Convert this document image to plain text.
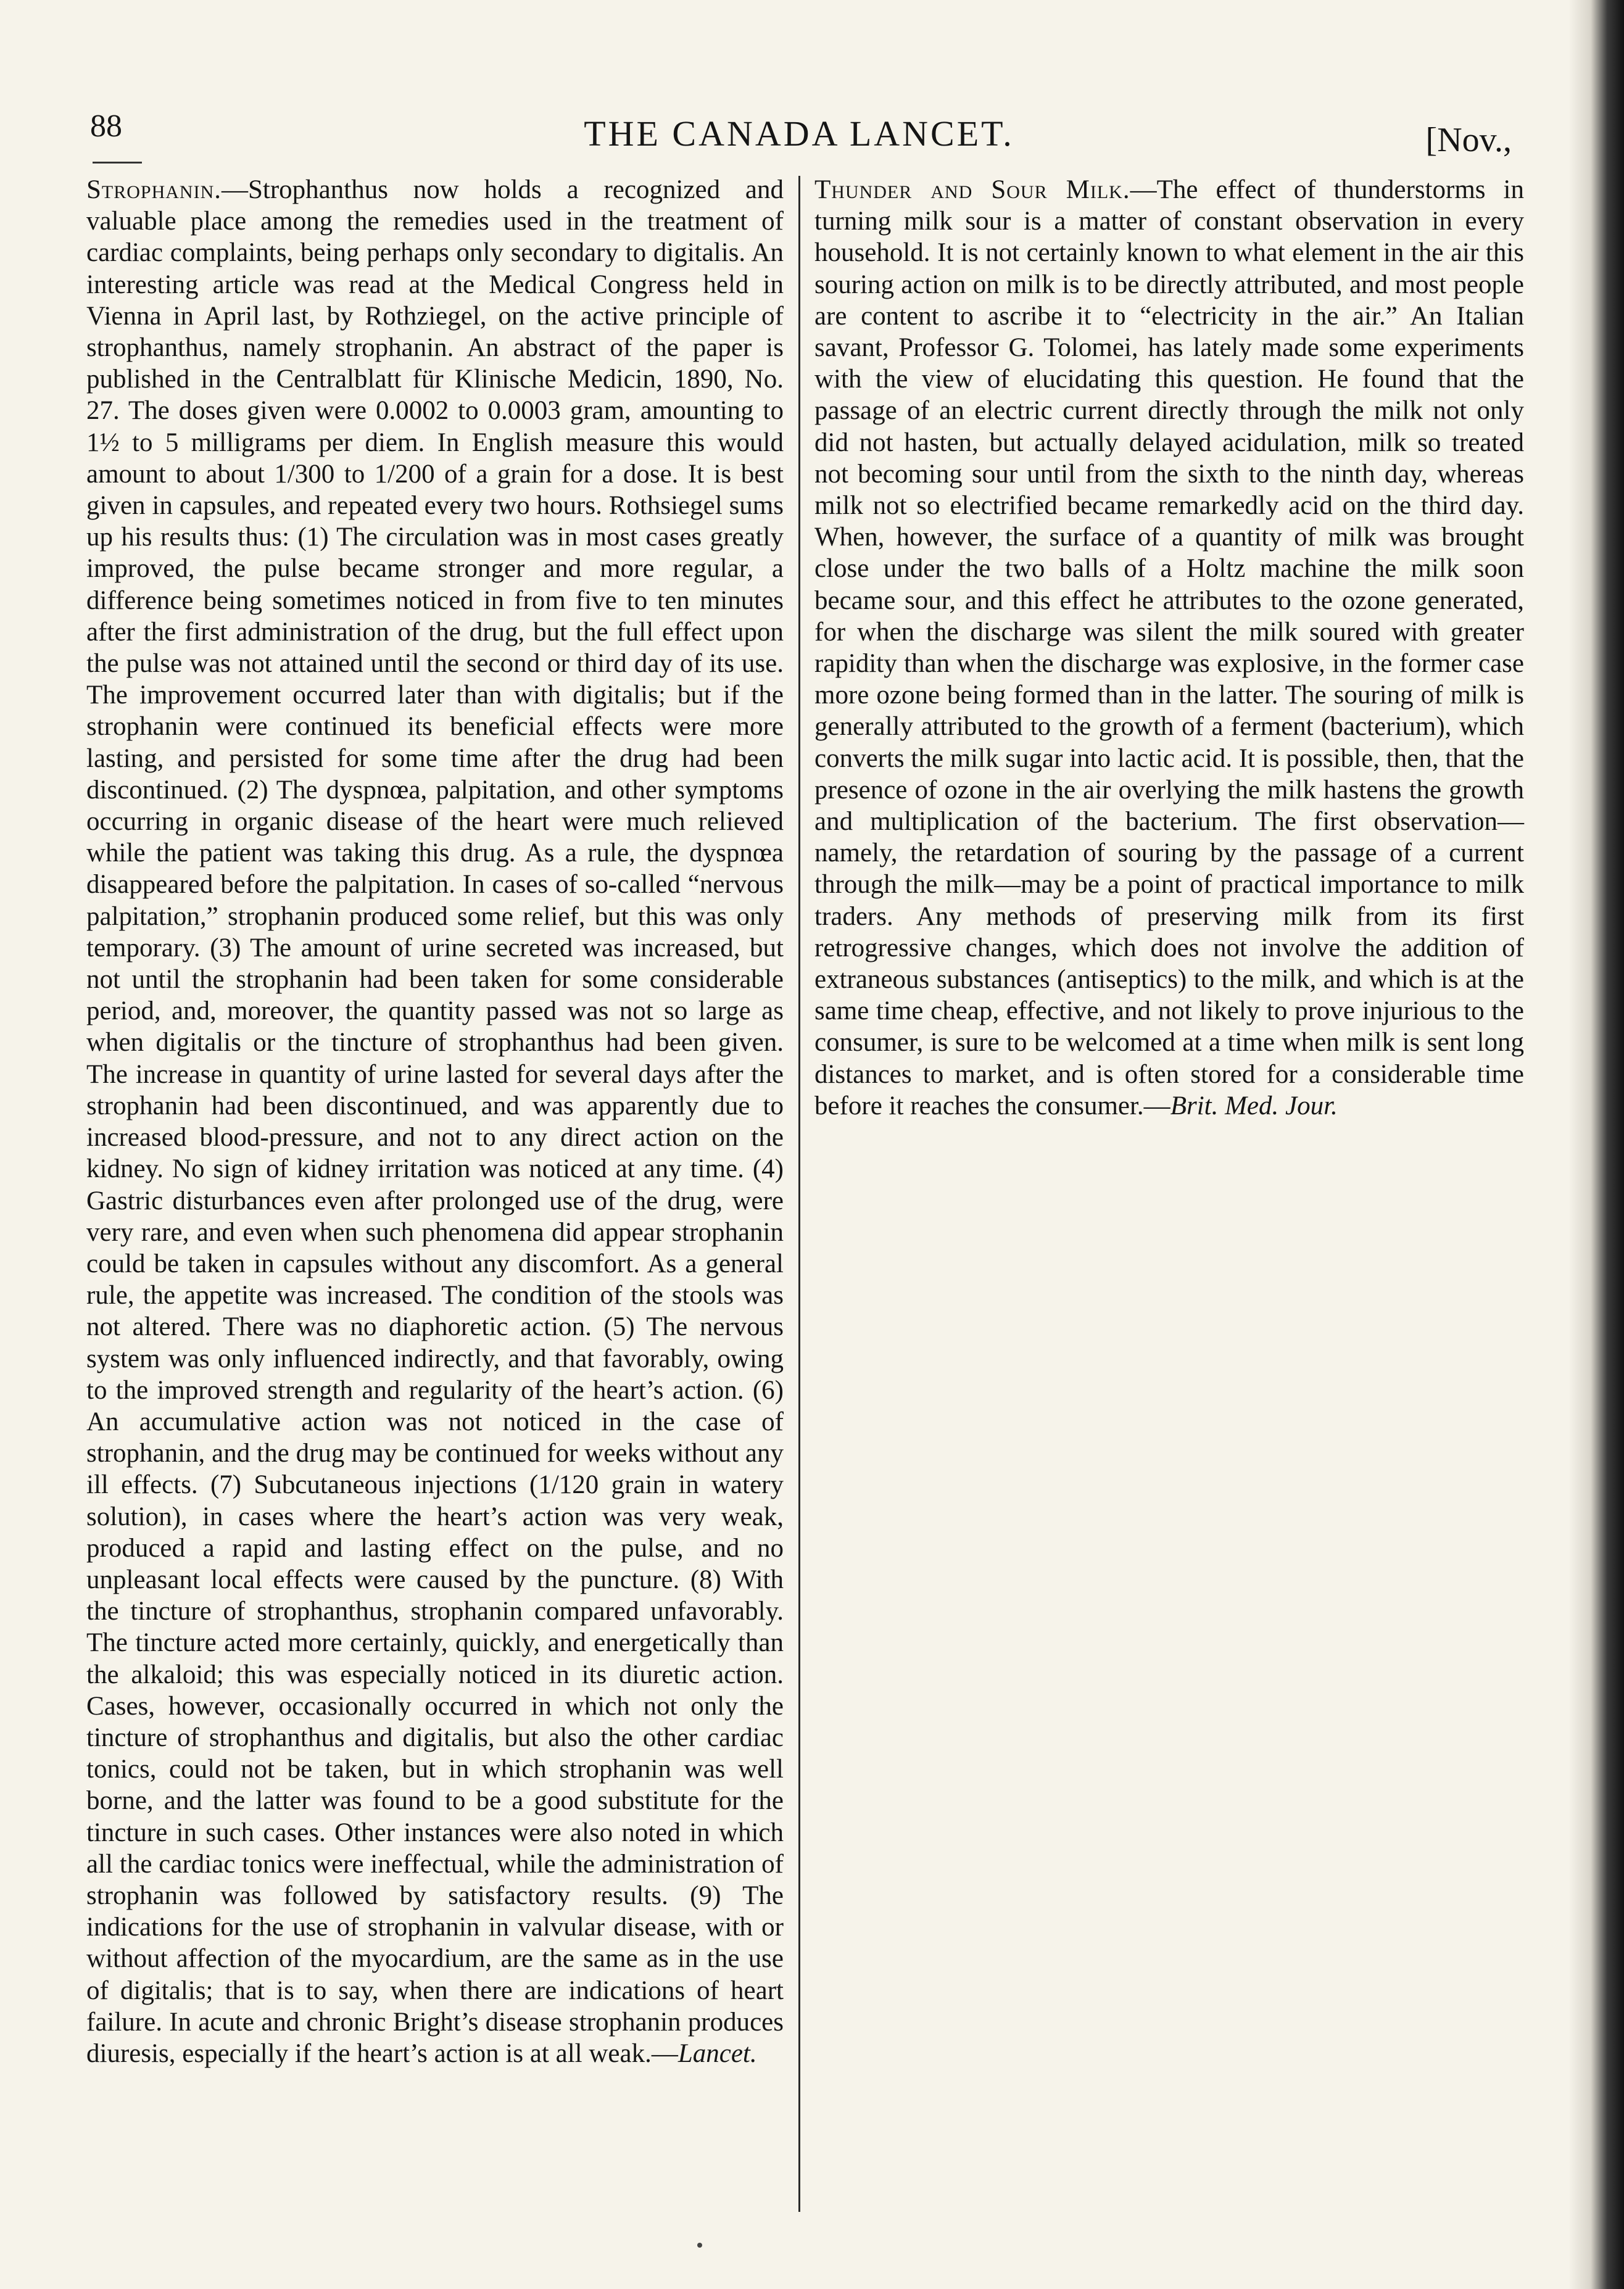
88	THE CANADA LANCET.	[Nov.,

Strophanin.—Strophanthus now holds a recognized and valuable place among the remedies used in the treatment of cardiac complaints, being perhaps only secondary to digitalis. An interesting article was read at the Medical Congress held in Vienna in April last, by Rothziegel, on the active principle of strophanthus, namely strophanin. An abstract of the paper is published in the Centralblatt für Klinische Medicin, 1890, No. 27. The doses given were 0.0002 to 0.0003 gram, amounting to 1½ to 5 milligrams per diem. In English measure this would amount to about 1/300 to 1/200 of a grain for a dose. It is best given in capsules, and repeated every two hours. Rothsiegel sums up his results thus: (1) The circulation was in most cases greatly improved, the pulse became stronger and more regular, a difference being sometimes noticed in from five to ten minutes after the first administration of the drug, but the full effect upon the pulse was not attained until the second or third day of its use. The improvement occurred later than with digitalis; but if the strophanin were continued its beneficial effects were more lasting, and persisted for some time after the drug had been discontinued. (2) The dyspnœa, palpitation, and other symptoms occurring in organic disease of the heart were much relieved while the patient was taking this drug. As a rule, the dyspnœa disappeared before the palpitation. In cases of so-called “nervous palpitation,” strophanin produced some relief, but this was only temporary. (3) The amount of urine secreted was increased, but not until the strophanin had been taken for some considerable period, and, moreover, the quantity passed was not so large as when digitalis or the tincture of strophanthus had been given. The increase in quantity of urine lasted for several days after the strophanin had been discontinued, and was apparently due to increased blood-pressure, and not to any direct action on the kidney. No sign of kidney irritation was noticed at any time. (4) Gastric disturbances even after prolonged use of the drug, were very rare, and even when such phenomena did appear strophanin could be taken in capsules without any discomfort. As a general rule, the appetite was increased. The condition of the stools was not altered. There was no diaphoretic action. (5) The nervous system was only influenced indirectly, and that favorably, owing to the improved strength and regularity of the heart’s action. (6) An accumulative action was not noticed in the case of strophanin, and the drug may be continued for weeks without any ill effects. (7) Subcutaneous injections (1/120 grain in watery solution), in cases where the heart’s action was very weak, produced a rapid and lasting effect on the pulse, and no unpleasant local effects were caused by the puncture. (8) With the tincture of strophanthus, strophanin compared unfavorably. The tincture acted more certainly, quickly, and energetically than the alkaloid; this was especially noticed in its diuretic action. Cases, however, occasionally occurred in which not only the tincture of strophanthus and digitalis, but also the other cardiac tonics, could not be taken, but in which strophanin was well borne, and the latter was found to be a good substitute for the tincture in such cases. Other instances were also noted in which all the cardiac tonics were ineffectual, while the administration of strophanin was followed by satisfactory results. (9) The indications for the use of strophanin in valvular disease, with or without affection of the myocardium, are the same as in the use of digitalis; that is to say, when there are indications of heart failure. In acute and chronic Bright’s disease strophanin produces diuresis, especially if the heart’s action is at all weak.—Lancet.

Thunder and Sour Milk.—The effect of thunderstorms in turning milk sour is a matter of constant observation in every household. It is not certainly known to what element in the air this souring action on milk is to be directly attributed, and most people are content to ascribe it to “electricity in the air.” An Italian savant, Professor G. Tolomei, has lately made some experiments with the view of elucidating this question. He found that the passage of an electric current directly through the milk not only did not hasten, but actually delayed acidulation, milk so treated not becoming sour until from the sixth to the ninth day, whereas milk not so electrified became remarkedly acid on the third day. When, however, the surface of a quantity of milk was brought close under the two balls of a Holtz machine the milk soon became sour, and this effect he attributes to the ozone generated, for when the discharge was silent the milk soured with greater rapidity than when the discharge was explosive, in the former case more ozone being formed than in the latter. The souring of milk is generally attributed to the growth of a ferment (bacterium), which converts the milk sugar into lactic acid. It is possible, then, that the presence of ozone in the air overlying the milk hastens the growth and multiplication of the bacterium. The first observation—namely, the retardation of souring by the passage of a current through the milk—may be a point of practical importance to milk traders. Any methods of preserving milk from its first retrogressive changes, which does not involve the addition of extraneous substances (antiseptics) to the milk, and which is at the same time cheap, effective, and not likely to prove injurious to the consumer, is sure to be welcomed at a time when milk is sent long distances to market, and is often stored for a considerable time before it reaches the consumer.—Brit. Med. Jour.
